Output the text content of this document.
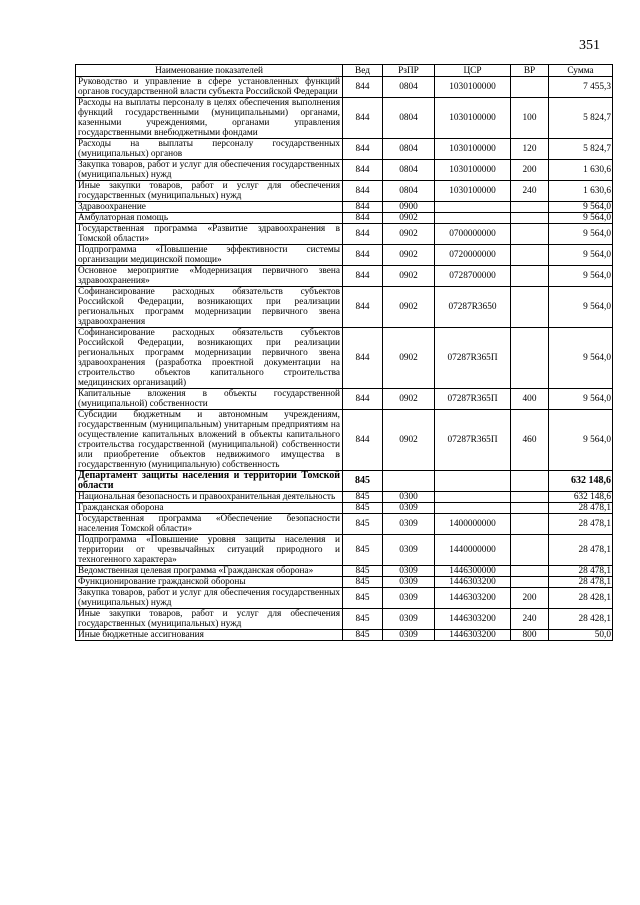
351
Наименование показателей	Вед	РзПР	ЦСР	ВР	Сумма
Руководство и управление в сфере установленных функций органов государственной власти субъекта Российской Федерации	844	0804	1030100000		7 455,3
Расходы на выплаты персоналу в целях обеспечения выполнения функций государственными (муниципальными) органами, казенными учреждениями, органами управления государственными внебюджетными фондами	844	0804	1030100000	100	5 824,7
Расходы на выплаты персоналу государственных (муниципальных) органов	844	0804	1030100000	120	5 824,7
Закупка товаров, работ и услуг для обеспечения государственных (муниципальных) нужд	844	0804	1030100000	200	1 630,6
Иные закупки товаров, работ и услуг для обеспечения государственных (муниципальных) нужд	844	0804	1030100000	240	1 630,6
Здравоохранение	844	0900			9 564,0
Амбулаторная помощь	844	0902			9 564,0
Государственная программа «Развитие здравоохранения в Томской области»	844	0902	0700000000		9 564,0
Подпрограмма «Повышение эффективности системы организации медицинской помощи»	844	0902	0720000000		9 564,0
Основное мероприятие «Модернизация первичного звена здравоохранения»	844	0902	0728700000		9 564,0
Софинансирование расходных обязательств субъектов Российской Федерации, возникающих при реализации региональных программ модернизации первичного звена здравоохранения	844	0902	07287R3650		9 564,0
Софинансирование расходных обязательств субъектов Российской Федерации, возникающих при реализации региональных программ модернизации первичного звена здравоохранения (разработка проектной документации на строительство объектов капитального строительства медицинских организаций)	844	0902	07287R365П		9 564,0
Капитальные вложения в объекты государственной (муниципальной) собственности	844	0902	07287R365П	400	9 564,0
Субсидии бюджетным и автономным учреждениям, государственным (муниципальным) унитарным предприятиям на осуществление капитальных вложений в объекты капитального строительства государственной (муниципальной) собственности или приобретение объектов недвижимого имущества в государственную (муниципальную) собственность	844	0902	07287R365П	460	9 564,0
Департамент защиты населения и территории Томской области	845				632 148,6
Национальная безопасность и правоохранительная деятельность	845	0300			632 148,6
Гражданская оборона	845	0309			28 478,1
Государственная программа «Обеспечение безопасности населения Томской области»	845	0309	1400000000		28 478,1
Подпрограмма «Повышение уровня защиты населения и территории от чрезвычайных ситуаций природного и техногенного характера»	845	0309	1440000000		28 478,1
Ведомственная целевая программа «Гражданская оборона»	845	0309	1446300000		28 478,1
Функционирование гражданской обороны	845	0309	1446303200		28 478,1
Закупка товаров, работ и услуг для обеспечения государственных (муниципальных) нужд	845	0309	1446303200	200	28 428,1
Иные закупки товаров, работ и услуг для обеспечения государственных (муниципальных) нужд	845	0309	1446303200	240	28 428,1
Иные бюджетные ассигнования	845	0309	1446303200	800	50,0
